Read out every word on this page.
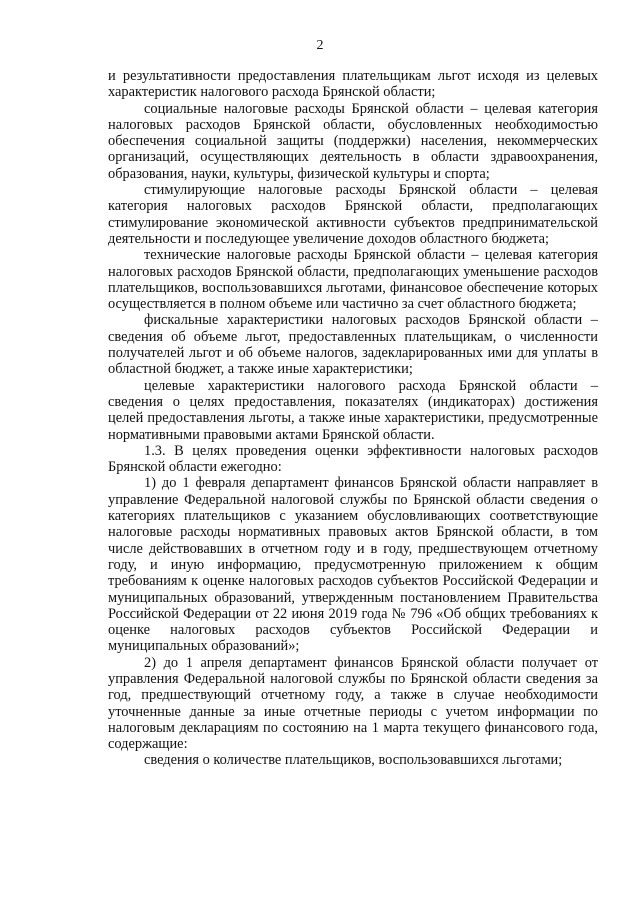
2

и результативности предоставления плательщикам льгот исходя из целевых характеристик налогового расхода Брянской области;

социальные налоговые расходы Брянской области – целевая категория налоговых расходов Брянской области, обусловленных необходимостью обеспечения социальной защиты (поддержки) населения, некоммерческих организаций, осуществляющих деятельность в области здравоохранения, образования, науки, культуры, физической культуры и спорта;

стимулирующие налоговые расходы Брянской области – целевая категория налоговых расходов Брянской области, предполагающих стимулирование экономической активности субъектов предпринимательской деятельности и последующее увеличение доходов областного бюджета;

технические налоговые расходы Брянской области – целевая категория налоговых расходов Брянской области, предполагающих уменьшение расходов плательщиков, воспользовавшихся льготами, финансовое обеспечение которых осуществляется в полном объеме или частично за счет областного бюджета;

фискальные характеристики налоговых расходов Брянской области – сведения об объеме льгот, предоставленных плательщикам, о численности получателей льгот и об объеме налогов, задекларированных ими для уплаты в областной бюджет, а также иные характеристики;

целевые характеристики налогового расхода Брянской области – сведения о целях предоставления, показателях (индикаторах) достижения целей предоставления льготы, а также иные характеристики, предусмотренные нормативными правовыми актами Брянской области.

1.3. В целях проведения оценки эффективности налоговых расходов Брянской области ежегодно:

1) до 1 февраля департамент финансов Брянской области направляет в управление Федеральной налоговой службы по Брянской области сведения о категориях плательщиков с указанием обусловливающих соответствующие налоговые расходы нормативных правовых актов Брянской области, в том числе действовавших в отчетном году и в году, предшествующем отчетному году, и иную информацию, предусмотренную приложением к общим требованиям к оценке налоговых расходов субъектов Российской Федерации и муниципальных образований, утвержденным постановлением Правительства Российской Федерации от 22 июня 2019 года № 796 «Об общих требованиях к оценке налоговых расходов субъектов Российской Федерации и муниципальных образований»;

2) до 1 апреля департамент финансов Брянской области получает от управления Федеральной налоговой службы по Брянской области сведения за год, предшествующий отчетному году, а также в случае необходимости уточненные данные за иные отчетные периоды с учетом информации по налоговым декларациям по состоянию на 1 марта текущего финансового года, содержащие:

сведения о количестве плательщиков, воспользовавшихся льготами;
